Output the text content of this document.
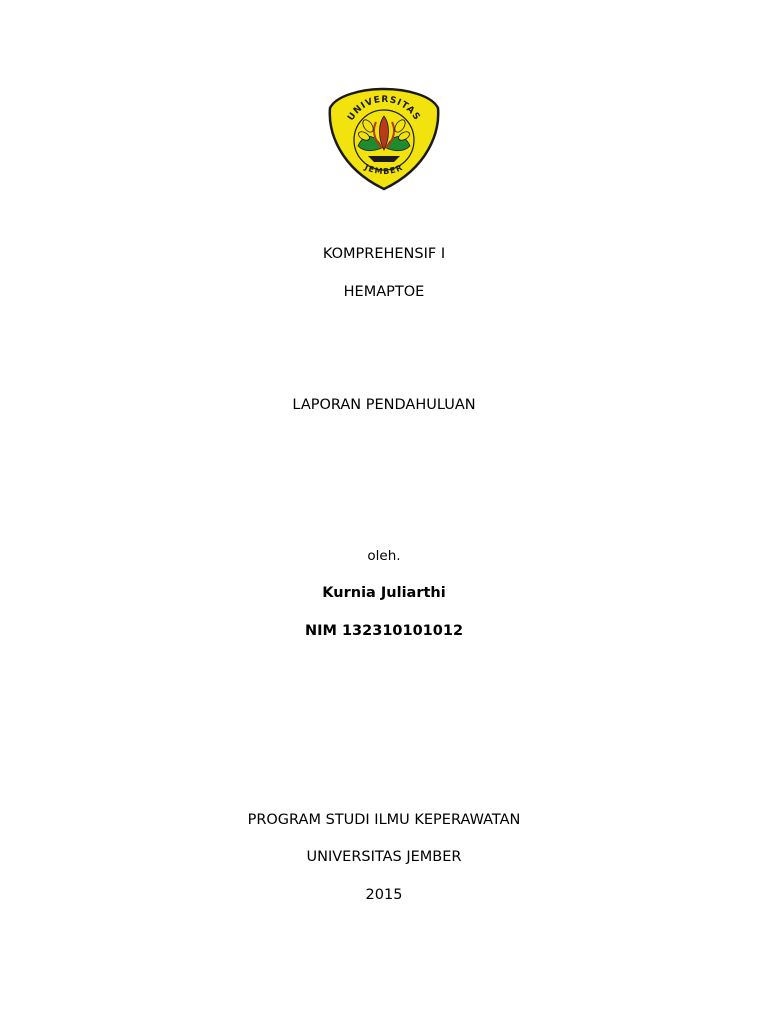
UNIVERSITAS
JEMBER
KOMPREHENSIF I
HEMAPTOE
LAPORAN PENDAHULUAN
oleh.
Kurnia Juliarthi
NIM 132310101012
PROGRAM STUDI ILMU KEPERAWATAN
UNIVERSITAS JEMBER
2015
